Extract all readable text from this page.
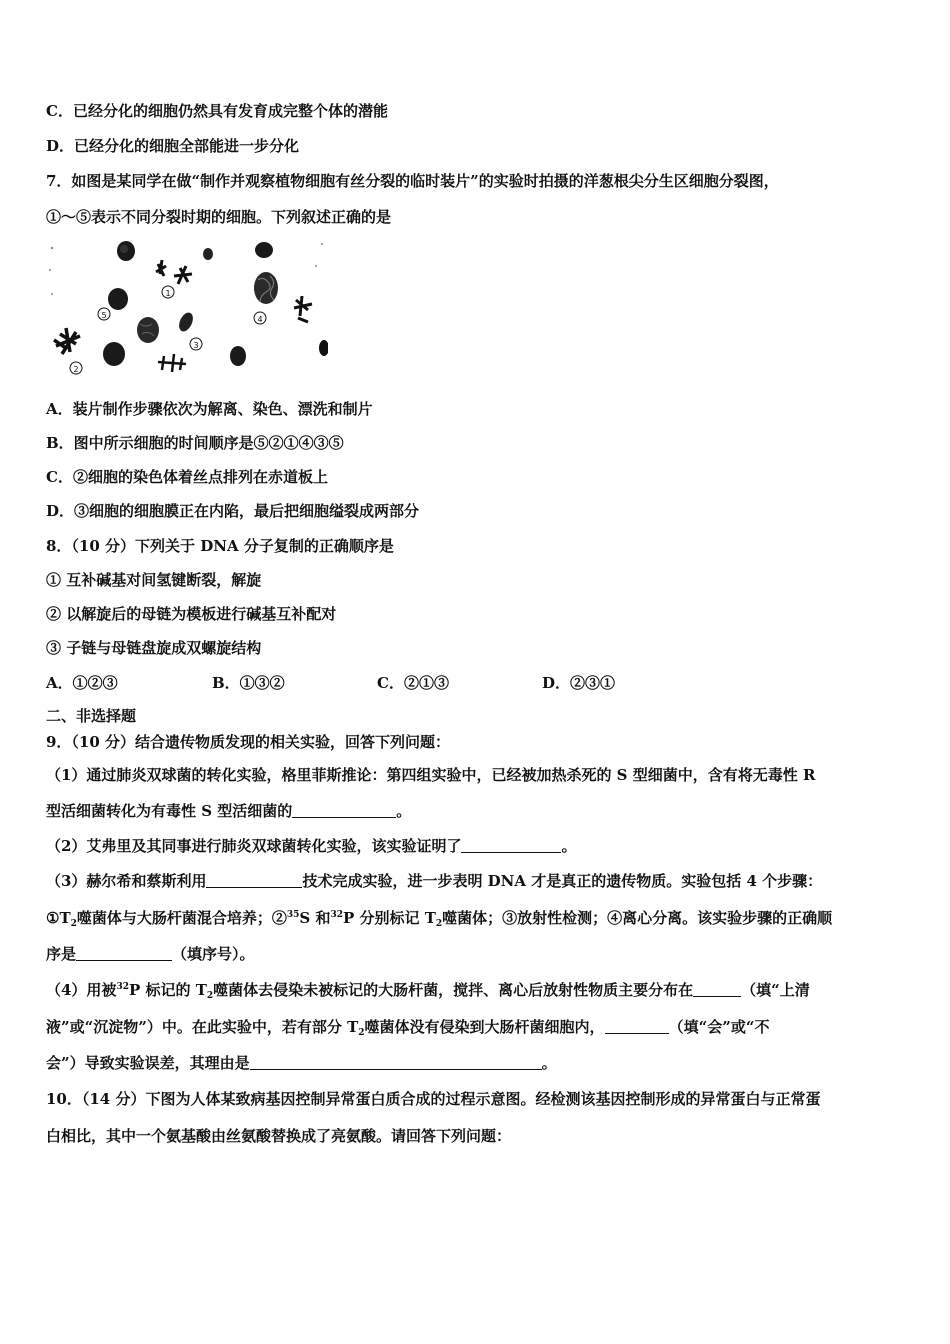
C．已经分化的细胞仍然具有发育成完整个体的潜能
D．已经分化的细胞全部能进一步分化
7．如图是某同学在做“制作并观察植物细胞有丝分裂的临时装片”的实验时拍摄的洋葱根尖分生区细胞分裂图，
①～⑤表示不同分裂时期的细胞。下列叙述正确的是
1
4
5
2
3
A．装片制作步骤依次为解离、染色、漂洗和制片
B．图中所示细胞的时间顺序是⑤②①④③⑤
C．②细胞的染色体着丝点排列在赤道板上
D．③细胞的细胞膜正在内陷，最后把细胞缢裂成两部分
8．（10 分）下列关于 DNA 分子复制的正确顺序是
① 互补碱基对间氢键断裂，解旋
② 以解旋后的母链为模板进行碱基互补配对
③ 子链与母链盘旋成双螺旋结构
A．①②③	B．①③②	C．②①③	D．②③①
二、非选择题
9．（10 分）结合遗传物质发现的相关实验，回答下列问题：
（1）通过肺炎双球菌的转化实验，格里菲斯推论：第四组实验中，已经被加热杀死的 S 型细菌中，含有将无毒性 R
型活细菌转化为有毒性 S 型活细菌的	。
（2）艾弗里及其同事进行肺炎双球菌转化实验，该实验证明了	。
（3）赫尔希和蔡斯利用	技术完成实验，进一步表明 DNA 才是真正的遗传物质。实验包括 4 个步骤：
$①T_2$噬菌体与大肠杆菌混合培养；②$^{35}$S 和$^{32}$P 分别标记 $T_2$噬菌体；③放射性检测；④离心分离。该实验步骤的正确顺
序是	（填序号）。
（4）用被$^{32}$P 标记的 $T_2$噬菌体去侵染未被标记的大肠杆菌，搅拌、离心后放射性物质主要分布在	（填“上清
液”或“沉淀物”）中。在此实验中，若有部分 $T_2$噬菌体没有侵染到大肠杆菌细胞内，	（填“会”或“不
会”）导致实验误差，其理由是	。
10．（14 分）下图为人体某致病基因控制异常蛋白质合成的过程示意图。经检测该基因控制形成的异常蛋白与正常蛋
白相比，其中一个氨基酸由丝氨酸替换成了亮氨酸。请回答下列问题：
